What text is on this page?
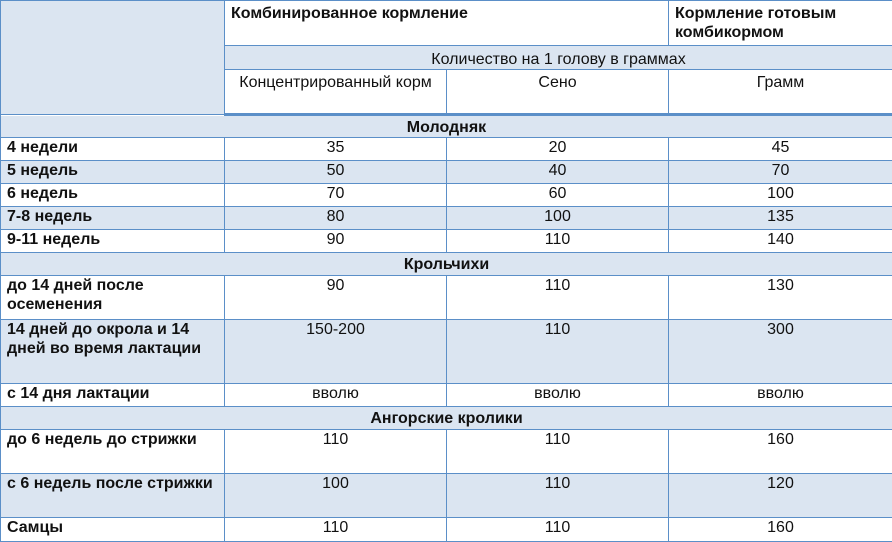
	Комбинированное кормление		Кормление готовым комбикормом
	Количество на 1 голову в граммах		
	Концентрированный корм	Сено	Грамм
Молодняк			
4 недели	35	20	45
5 недель	50	40	70
6 недель	70	60	100
7-8 недель	80	100	135
9-11 недель	90	110	140
Крольчихи			
до 14 дней после осеменения	90	110	130
14 дней до окрола и 14 дней во время лактации	150-200	110	300
с 14 дня лактации	вволю	вволю	вволю
Ангорские кролики			
до 6 недель до стрижки	110	110	160
с 6 недель после стрижки	100	110	120
Самцы	110	110	160
